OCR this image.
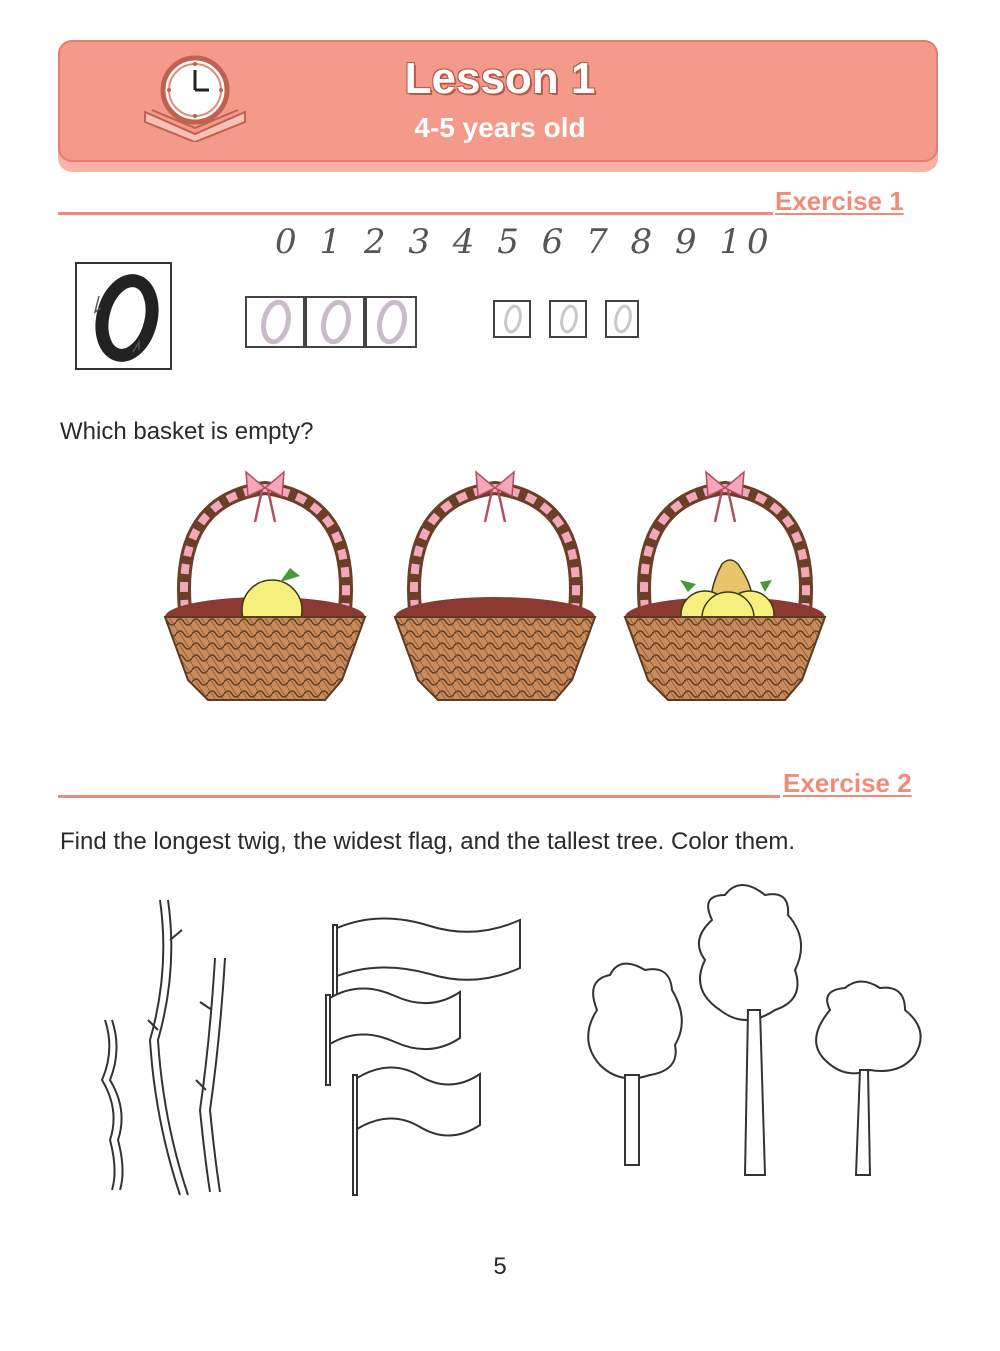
Lesson 1
4-5 years old
Exercise 1
0 1 2 3 4 5 6 7 8 9 10
Which basket is empty?
Exercise 2
Find the longest twig, the widest flag, and the tallest tree. Color them.
5
